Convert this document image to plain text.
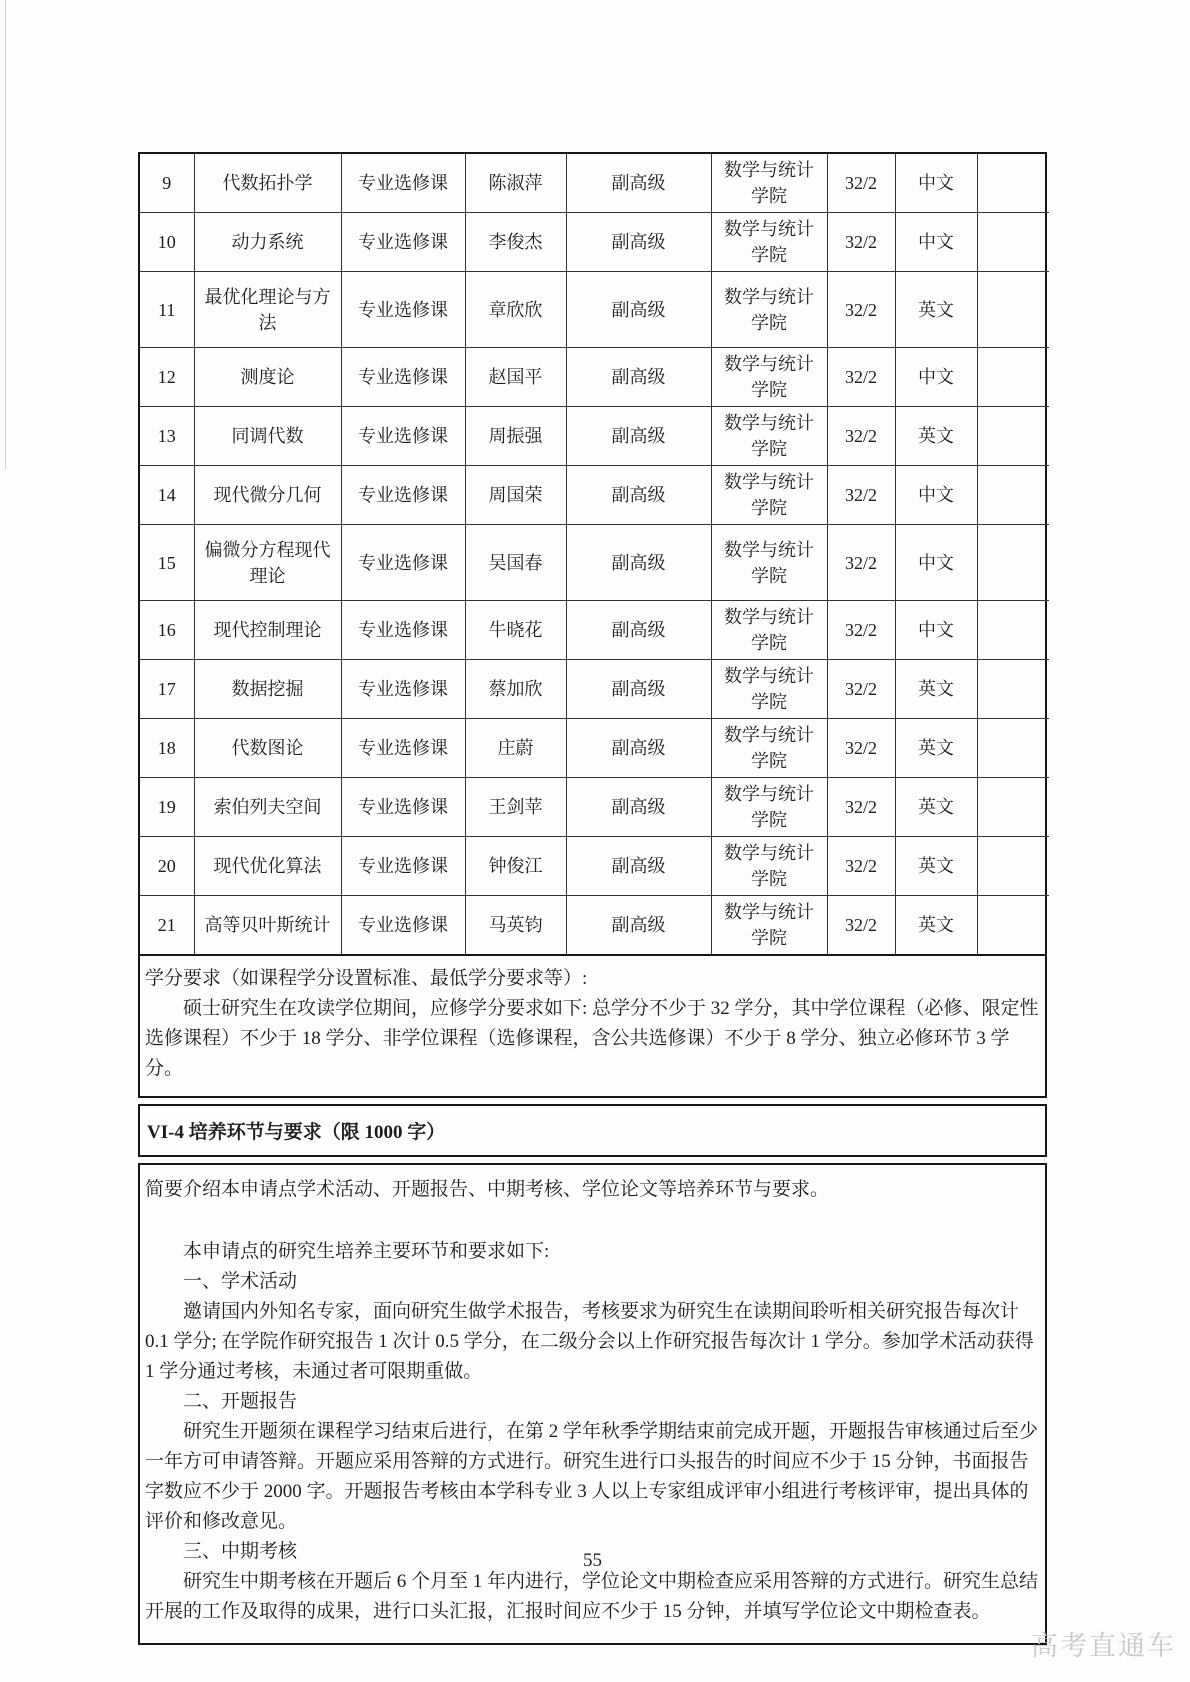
9	代数拓扑学	专业选修课	陈淑萍	副高级	数学与统计学院	32/2	中文	
10	动力系统	专业选修课	李俊杰	副高级	数学与统计学院	32/2	中文	
11	最优化理论与方法	专业选修课	章欣欣	副高级	数学与统计学院	32/2	英文	
12	测度论	专业选修课	赵国平	副高级	数学与统计学院	32/2	中文	
13	同调代数	专业选修课	周振强	副高级	数学与统计学院	32/2	英文	
14	现代微分几何	专业选修课	周国荣	副高级	数学与统计学院	32/2	中文	
15	偏微分方程现代理论	专业选修课	吴国春	副高级	数学与统计学院	32/2	中文	
16	现代控制理论	专业选修课	牛晓花	副高级	数学与统计学院	32/2	中文	
17	数据挖掘	专业选修课	蔡加欣	副高级	数学与统计学院	32/2	英文	
18	代数图论	专业选修课	庄蔚	副高级	数学与统计学院	32/2	英文	
19	索伯列夫空间	专业选修课	王剑苹	副高级	数学与统计学院	32/2	英文	
20	现代优化算法	专业选修课	钟俊江	副高级	数学与统计学院	32/2	英文	
21	高等贝叶斯统计	专业选修课	马英钧	副高级	数学与统计学院	32/2	英文	

学分要求（如课程学分设置标准、最低学分要求等）:

硕士研究生在攻读学位期间，应修学分要求如下: 总学分不少于 32 学分，其中学位课程（必修、限定性选修课程）不少于 18 学分、非学位课程（选修课程，含公共选修课）不少于 8 学分、独立必修环节 3 学分。

VI-4 培养环节与要求（限 1000 字）

简要介绍本申请点学术活动、开题报告、中期考核、学位论文等培养环节与要求。

本申请点的研究生培养主要环节和要求如下:

一、学术活动

邀请国内外知名专家，面向研究生做学术报告，考核要求为研究生在读期间聆听相关研究报告每次计 0.1 学分; 在学院作研究报告 1 次计 0.5 学分，在二级分会以上作研究报告每次计 1 学分。参加学术活动获得 1 学分通过考核，未通过者可限期重做。

二、开题报告

研究生开题须在课程学习结束后进行，在第 2 学年秋季学期结束前完成开题，开题报告审核通过后至少一年方可申请答辩。开题应采用答辩的方式进行。研究生进行口头报告的时间应不少于 15 分钟，书面报告字数应不少于 2000 字。开题报告考核由本学科专业 3 人以上专家组成评审小组进行考核评审，提出具体的评价和修改意见。

三、中期考核

研究生中期考核在开题后 6 个月至 1 年内进行，学位论文中期检查应采用答辩的方式进行。研究生总结开展的工作及取得的成果，进行口头汇报，汇报时间应不少于 15 分钟，并填写学位论文中期检查表。

55
高考直通车
